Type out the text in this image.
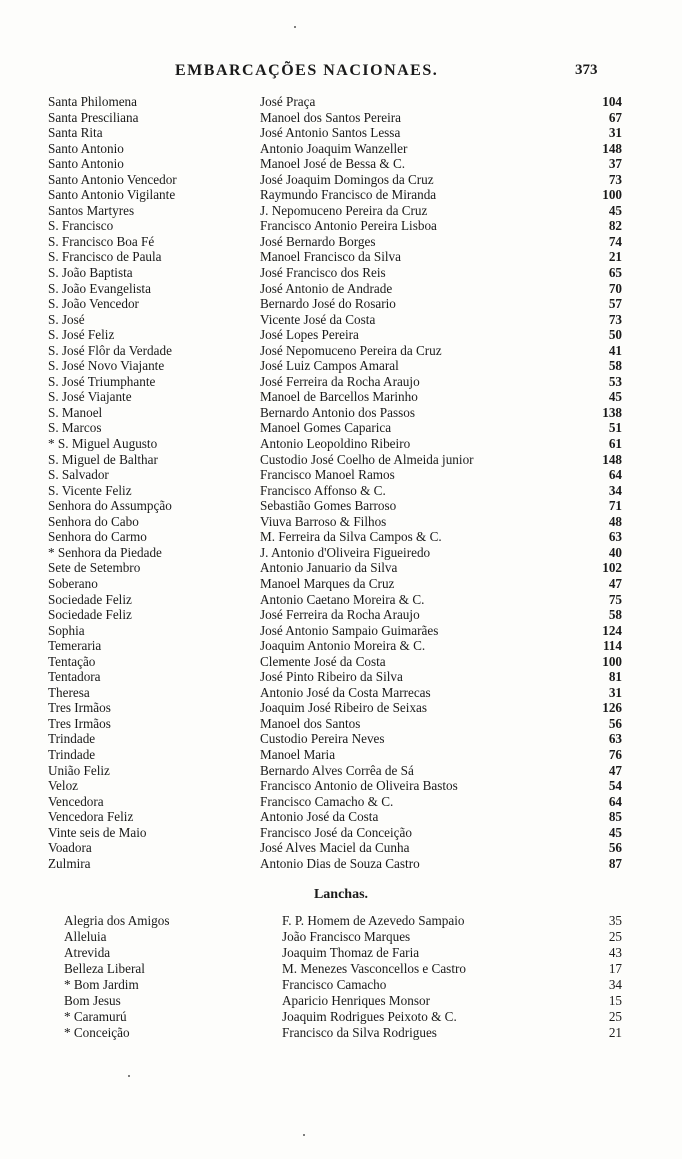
EMBARCAÇÕES NACIONAES.	373
Santa Philomena	José Praça	104
Santa Presciliana	Manoel dos Santos Pereira	67
Santa Rita	José Antonio Santos Lessa	31
Santo Antonio	Antonio Joaquim Wanzeller	148
Santo Antonio	Manoel José de Bessa & C.	37
Santo Antonio Vencedor	José Joaquim Domingos da Cruz	73
Santo Antonio Vigilante	Raymundo Francisco de Miranda	100
Santos Martyres	J. Nepomuceno Pereira da Cruz	45
S. Francisco	Francisco Antonio Pereira Lisboa	82
S. Francisco Boa Fé	José Bernardo Borges	74
S. Francisco de Paula	Manoel Francisco da Silva	21
S. João Baptista	José Francisco dos Reis	65
S. João Evangelista	José Antonio de Andrade	70
S. João Vencedor	Bernardo José do Rosario	57
S. José	Vicente José da Costa	73
S. José Feliz	José Lopes Pereira	50
S. José Flôr da Verdade	José Nepomuceno Pereira da Cruz	41
S. José Novo Viajante	José Luiz Campos Amaral	58
S. José Triumphante	José Ferreira da Rocha Araujo	53
S. José Viajante	Manoel de Barcellos Marinho	45
S. Manoel	Bernardo Antonio dos Passos	138
S. Marcos	Manoel Gomes Caparica	51
* S. Miguel Augusto	Antonio Leopoldino Ribeiro	61
S. Miguel de Balthar	Custodio José Coelho de Almeida junior	148
S. Salvador	Francisco Manoel Ramos	64
S. Vicente Feliz	Francisco Affonso & C.	34
Senhora do Assumpção	Sebastião Gomes Barroso	71
Senhora do Cabo	Viuva Barroso & Filhos	48
Senhora do Carmo	M. Ferreira da Silva Campos & C.	63
* Senhora da Piedade	J. Antonio d'Oliveira Figueiredo	40
Sete de Setembro	Antonio Januario da Silva	102
Soberano	Manoel Marques da Cruz	47
Sociedade Feliz	Antonio Caetano Moreira & C.	75
Sociedade Feliz	José Ferreira da Rocha Araujo	58
Sophia	José Antonio Sampaio Guimarães	124
Temeraria	Joaquim Antonio Moreira & C.	114
Tentação	Clemente José da Costa	100
Tentadora	José Pinto Ribeiro da Silva	81
Theresa	Antonio José da Costa Marrecas	31
Tres Irmãos	Joaquim José Ribeiro de Seixas	126
Tres Irmãos	Manoel dos Santos	56
Trindade	Custodio Pereira Neves	63
Trindade	Manoel Maria	76
União Feliz	Bernardo Alves Corrêa de Sá	47
Veloz	Francisco Antonio de Oliveira Bastos	54
Vencedora	Francisco Camacho & C.	64
Vencedora Feliz	Antonio José da Costa	85
Vinte seis de Maio	Francisco José da Conceição	45
Voadora	José Alves Maciel da Cunha	56
Zulmira	Antonio Dias de Souza Castro	87
Lanchas.
Alegria dos Amigos	F. P. Homem de Azevedo Sampaio	35
Alleluia	João Francisco Marques	25
Atrevida	Joaquim Thomaz de Faria	43
Belleza Liberal	M. Menezes Vasconcellos e Castro	17
* Bom Jardim	Francisco Camacho	34
Bom Jesus	Aparicio Henriques Monsor	15
* Caramurú	Joaquim Rodrigues Peixoto & C.	25
* Conceição	Francisco da Silva Rodrigues	21
